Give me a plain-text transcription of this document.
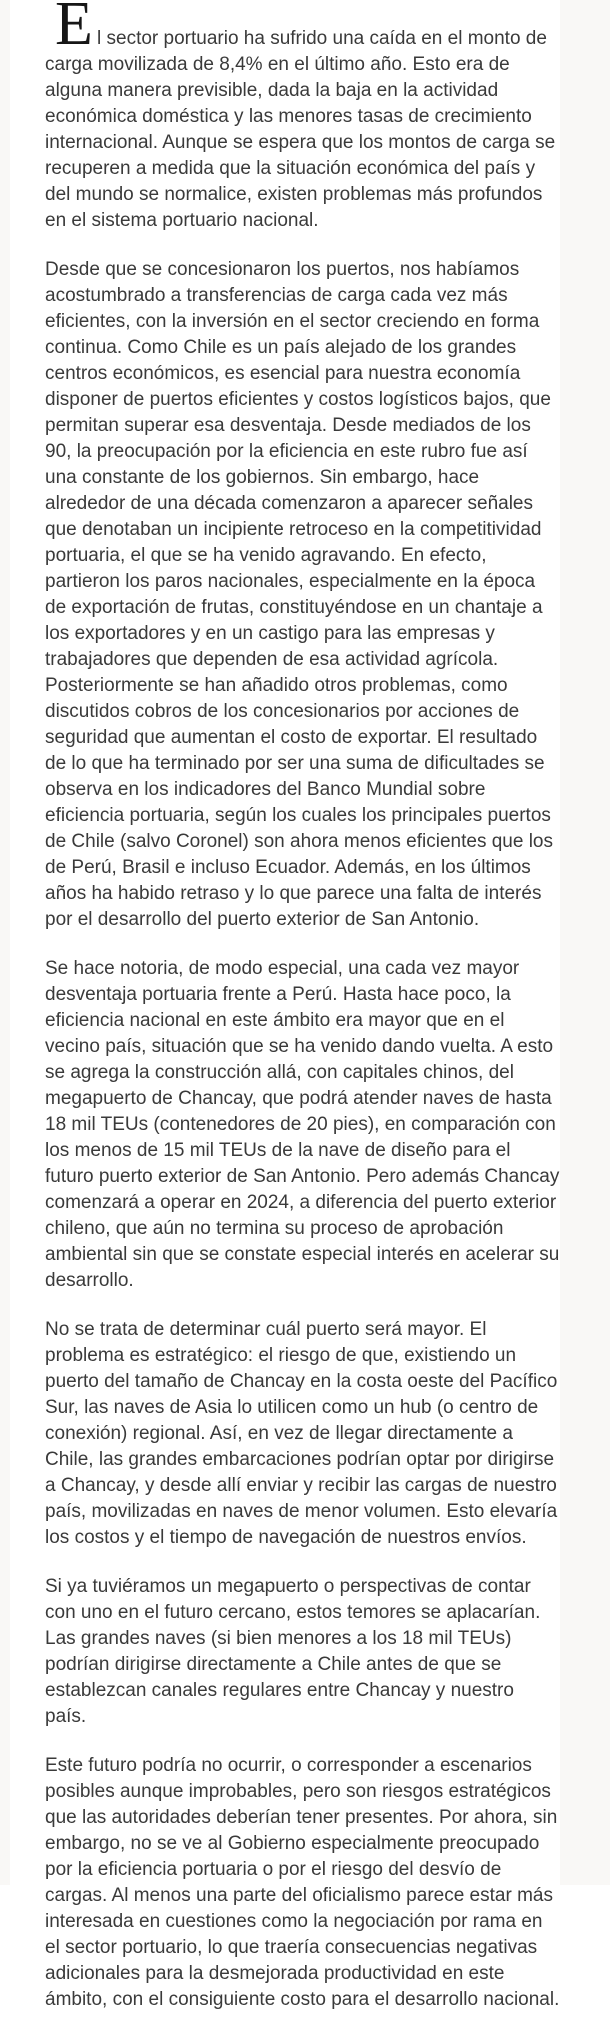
E l sector portuario ha sufrido una caída en el monto de carga movilizada de 8,4% en el último año. Esto era de alguna manera previsible, dada la baja en la actividad económica doméstica y las menores tasas de crecimiento internacional. Aunque se espera que los montos de carga se recuperen a medida que la situación económica del país y del mundo se normalice, existen problemas más profundos en el sistema portuario nacional.

Desde que se concesionaron los puertos, nos habíamos acostumbrado a transferencias de carga cada vez más eficientes, con la inversión en el sector creciendo en forma continua. Como Chile es un país alejado de los grandes centros económicos, es esencial para nuestra economía disponer de puertos eficientes y costos logísticos bajos, que permitan superar esa desventaja. Desde mediados de los 90, la preocupación por la eficiencia en este rubro fue así una constante de los gobiernos. Sin embargo, hace alrededor de una década comenzaron a aparecer señales que denotaban un incipiente retroceso en la competitividad portuaria, el que se ha venido agravando. En efecto, partieron los paros nacionales, especialmente en la época de exportación de frutas, constituyéndose en un chantaje a los exportadores y en un castigo para las empresas y trabajadores que dependen de esa actividad agrícola. Posteriormente se han añadido otros problemas, como discutidos cobros de los concesionarios por acciones de seguridad que aumentan el costo de exportar. El resultado de lo que ha terminado por ser una suma de dificultades se observa en los indicadores del Banco Mundial sobre eficiencia portuaria, según los cuales los principales puertos de Chile (salvo Coronel) son ahora menos eficientes que los de Perú, Brasil e incluso Ecuador. Además, en los últimos años ha habido retraso y lo que parece una falta de interés por el desarrollo del puerto exterior de San Antonio.

Se hace notoria, de modo especial, una cada vez mayor desventaja portuaria frente a Perú. Hasta hace poco, la eficiencia nacional en este ámbito era mayor que en el vecino país, situación que se ha venido dando vuelta. A esto se agrega la construcción allá, con capitales chinos, del megapuerto de Chancay, que podrá atender naves de hasta 18 mil TEUs (contenedores de 20 pies), en comparación con los menos de 15 mil TEUs de la nave de diseño para el futuro puerto exterior de San Antonio. Pero además Chancay comenzará a operar en 2024, a diferencia del puerto exterior chileno, que aún no termina su proceso de aprobación ambiental sin que se constate especial interés en acelerar su desarrollo.

No se trata de determinar cuál puerto será mayor. El problema es estratégico: el riesgo de que, existiendo un puerto del tamaño de Chancay en la costa oeste del Pacífico Sur, las naves de Asia lo utilicen como un hub (o centro de conexión) regional. Así, en vez de llegar directamente a Chile, las grandes embarcaciones podrían optar por dirigirse a Chancay, y desde allí enviar y recibir las cargas de nuestro país, movilizadas en naves de menor volumen. Esto elevaría los costos y el tiempo de navegación de nuestros envíos.

Si ya tuviéramos un megapuerto o perspectivas de contar con uno en el futuro cercano, estos temores se aplacarían. Las grandes naves (si bien menores a los 18 mil TEUs) podrían dirigirse directamente a Chile antes de que se establezcan canales regulares entre Chancay y nuestro país.

Este futuro podría no ocurrir, o corresponder a escenarios posibles aunque improbables, pero son riesgos estratégicos que las autoridades deberían tener presentes. Por ahora, sin embargo, no se ve al Gobierno especialmente preocupado por la eficiencia portuaria o por el riesgo del desvío de cargas. Al menos una parte del oficialismo parece estar más interesada en cuestiones como la negociación por rama en el sector portuario, lo que traería consecuencias negativas adicionales para la desmejorada productividad en este ámbito, con el consiguiente costo para el desarrollo nacional.
